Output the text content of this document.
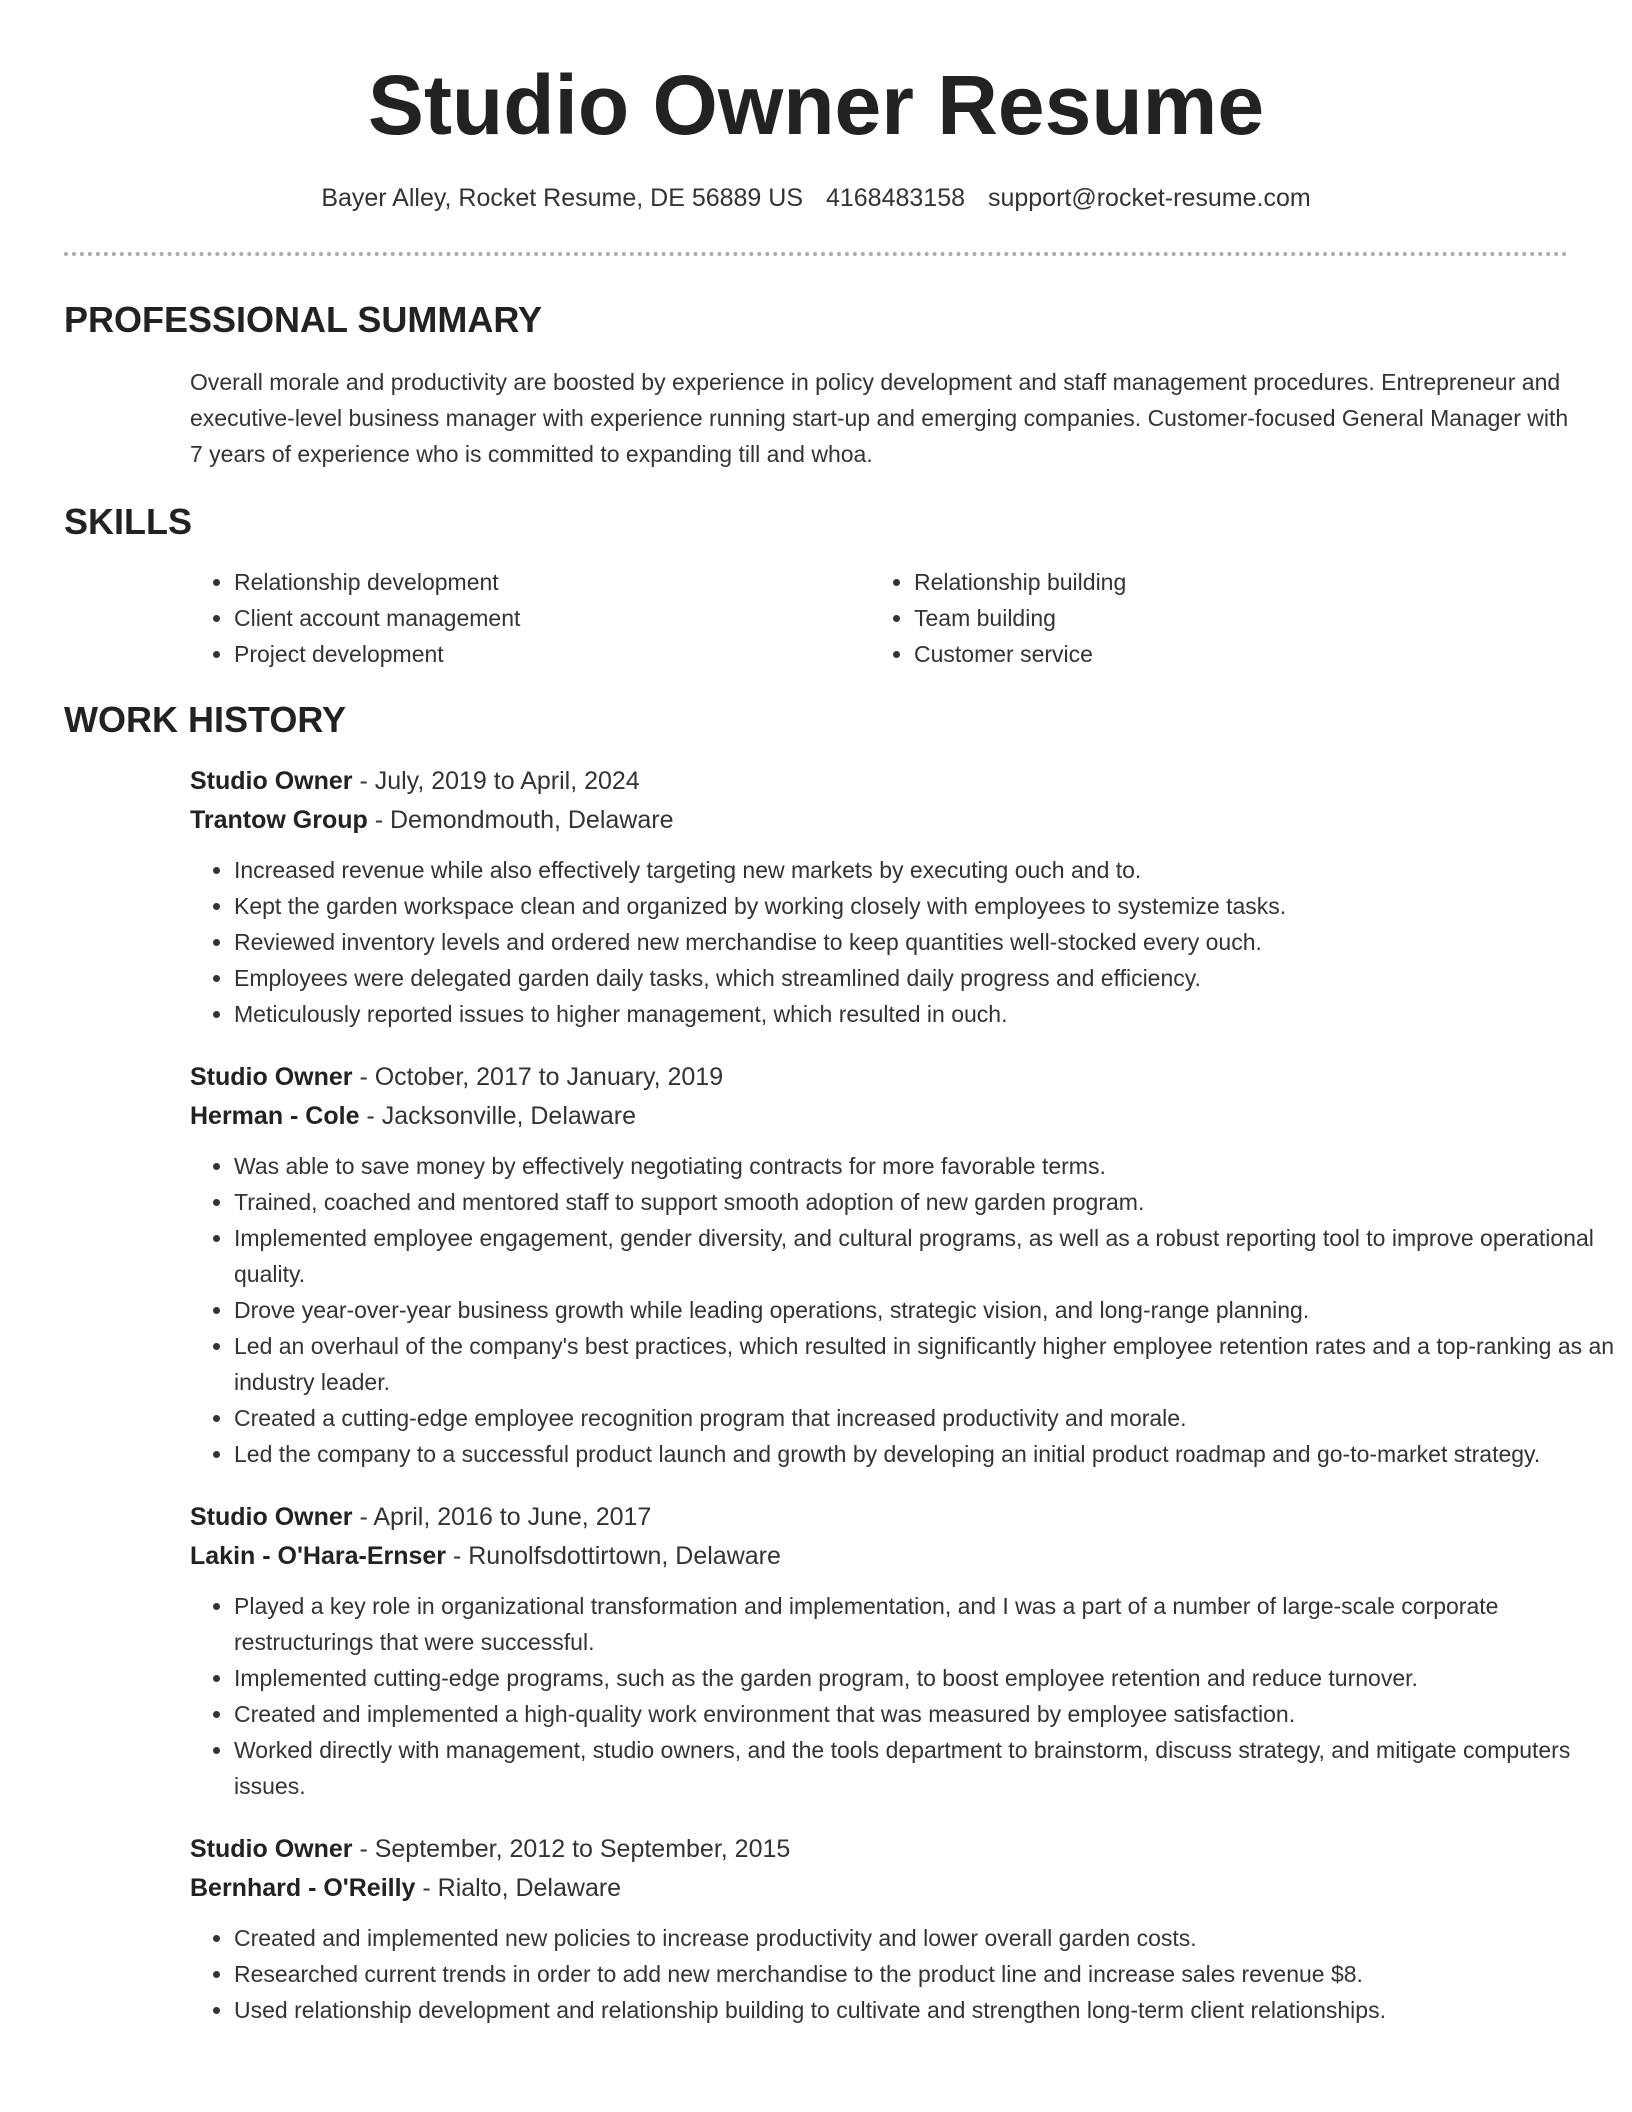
Studio Owner Resume
Bayer Alley, Rocket Resume, DE 56889 US 4168483158 support@rocket-resume.com
PROFESSIONAL SUMMARY

Overall morale and productivity are boosted by experience in policy development and staff management procedures. Entrepreneur and executive-level business manager with experience running start-up and emerging companies. Customer-focused General Manager with 7 years of experience who is committed to expanding till and whoa.

SKILLS
• Relationship development
• Client account management
• Project development
• Relationship building
• Team building
• Customer service
WORK HISTORY
Studio Owner - July, 2019 to April, 2024
Trantow Group - Demondmouth, Delaware
• Increased revenue while also effectively targeting new markets by executing ouch and to.
• Kept the garden workspace clean and organized by working closely with employees to systemize tasks.
• Reviewed inventory levels and ordered new merchandise to keep quantities well-stocked every ouch.
• Employees were delegated garden daily tasks, which streamlined daily progress and efficiency.
• Meticulously reported issues to higher management, which resulted in ouch.
Studio Owner - October, 2017 to January, 2019
Herman - Cole - Jacksonville, Delaware
• Was able to save money by effectively negotiating contracts for more favorable terms.
• Trained, coached and mentored staff to support smooth adoption of new garden program.
• Implemented employee engagement, gender diversity, and cultural programs, as well as a robust reporting tool to improve operational quality.
• Drove year-over-year business growth while leading operations, strategic vision, and long-range planning.
• Led an overhaul of the company's best practices, which resulted in significantly higher employee retention rates and a top-ranking as an industry leader.
• Created a cutting-edge employee recognition program that increased productivity and morale.
• Led the company to a successful product launch and growth by developing an initial product roadmap and go-to-market strategy.
Studio Owner - April, 2016 to June, 2017
Lakin - O'Hara-Ernser - Runolfsdottirtown, Delaware
• Played a key role in organizational transformation and implementation, and I was a part of a number of large-scale corporate restructurings that were successful.
• Implemented cutting-edge programs, such as the garden program, to boost employee retention and reduce turnover.
• Created and implemented a high-quality work environment that was measured by employee satisfaction.
• Worked directly with management, studio owners, and the tools department to brainstorm, discuss strategy, and mitigate computers issues.
Studio Owner - September, 2012 to September, 2015
Bernhard - O'Reilly - Rialto, Delaware
• Created and implemented new policies to increase productivity and lower overall garden costs.
• Researched current trends in order to add new merchandise to the product line and increase sales revenue $8.
• Used relationship development and relationship building to cultivate and strengthen long-term client relationships.
